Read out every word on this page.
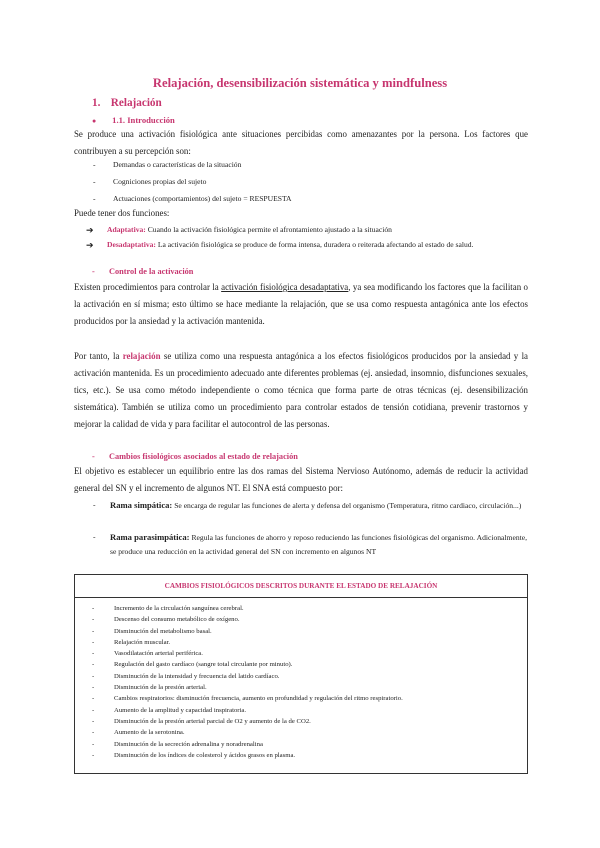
Relajación, desensibilización sistemática y mindfulness
1. Relajación
● 1.1. Introducción
Se produce una activación fisiológica ante situaciones percibidas como amenazantes por la persona. Los factores que contribuyen a su percepción son:
- Demandas o características de la situación
- Cogniciones propias del sujeto
- Actuaciones (comportamientos) del sujeto = RESPUESTA
Puede tener dos funciones:
➔ Adaptativa: Cuando la activación fisiológica permite el afrontamiento ajustado a la situación
➔ Desadaptativa: La activación fisiológica se produce de forma intensa, duradera o reiterada afectando al estado de salud.
- Control de la activación
Existen procedimientos para controlar la activación fisiológica desadaptativa, ya sea modificando los factores que la facilitan o la activación en sí misma; esto último se hace mediante la relajación, que se usa como respuesta antagónica ante los efectos producidos por la ansiedad y la activación mantenida.
Por tanto, la relajación se utiliza como una respuesta antagónica a los efectos fisiológicos producidos por la ansiedad y la activación mantenida. Es un procedimiento adecuado ante diferentes problemas (ej. ansiedad, insomnio, disfunciones sexuales, tics, etc.). Se usa como método independiente o como técnica que forma parte de otras técnicas (ej. desensibilización sistemática). También se utiliza como un procedimiento para controlar estados de tensión cotidiana, prevenir trastornos y mejorar la calidad de vida y para facilitar el autocontrol de las personas.
- Cambios fisiológicos asociados al estado de relajación
El objetivo es establecer un equilibrio entre las dos ramas del Sistema Nervioso Autónomo, además de reducir la actividad general del SN y el incremento de algunos NT. El SNA está compuesto por:
- Rama simpática: Se encarga de regular las funciones de alerta y defensa del organismo (Temperatura, ritmo cardiaco, circulación...)
- Rama parasimpática: Regula las funciones de ahorro y reposo reduciendo las funciones fisiológicas del organismo. Adicionalmente, se produce una reducción en la actividad general del SN con incremento en algunos NT
CAMBIOS FISIOLÓGICOS DESCRITOS DURANTE EL ESTADO DE RELAJACIÓN
-	Incremento de la circulación sanguínea cerebral.
-	Descenso del consumo metabólico de oxígeno.
-	Disminución del metabolismo basal.
-	Relajación muscular.
-	Vasodilatación arterial periférica.
-	Regulación del gasto cardíaco (sangre total circulante por minuto).
-	Disminución de la intensidad y frecuencia del latido cardíaco.
-	Disminución de la presión arterial.
-	Cambios respiratorios: disminución frecuencia, aumento en profundidad y regulación del ritmo respiratorio.
-	Aumento de la amplitud y capacidad inspiratoria.
-	Disminución de la presión arterial parcial de O2 y aumento de la de CO2.
-	Aumento de la serotonina.
-	Disminución de la secreción adrenalina y noradrenalina
-	Disminución de los índices de colesterol y ácidos grasos en plasma.
